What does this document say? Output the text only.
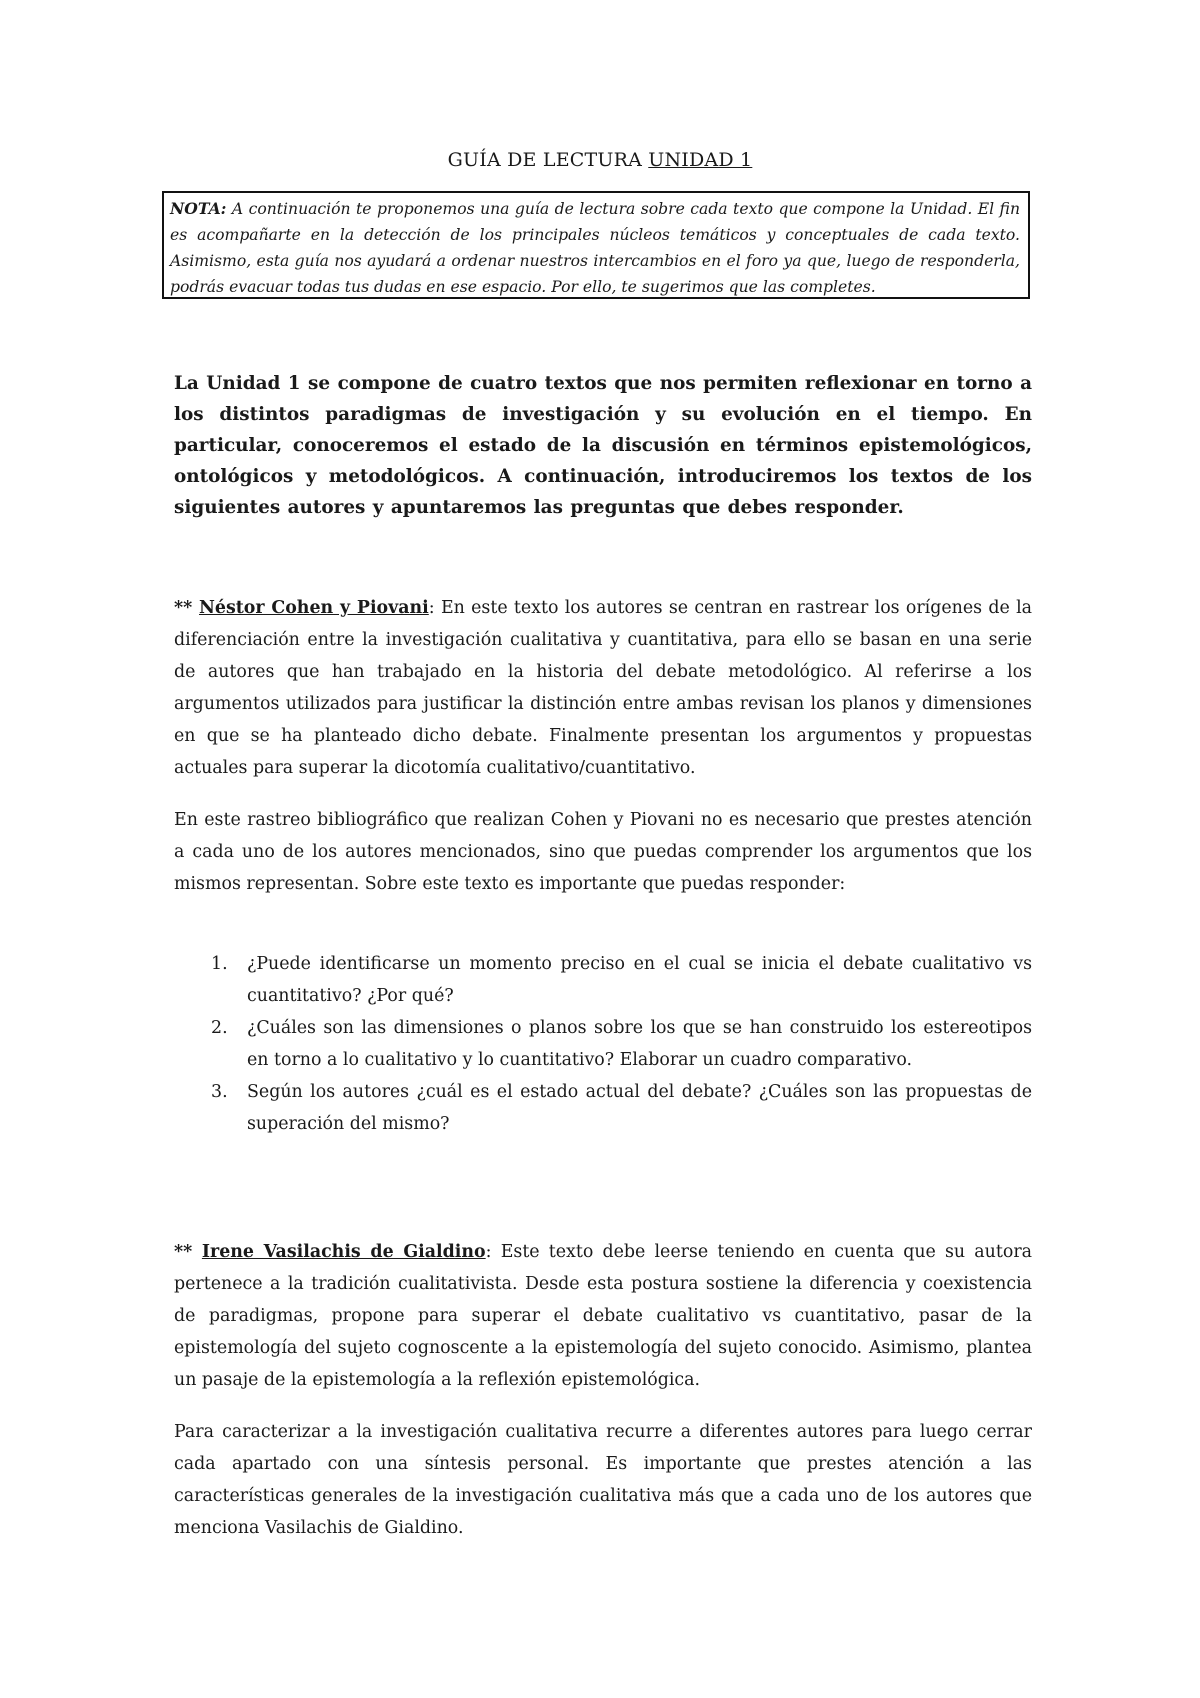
GUÍA DE LECTURA UNIDAD 1
NOTA: A continuación te proponemos una guía de lectura sobre cada texto que compone la Unidad. El fin es acompañarte en la detección de los principales núcleos temáticos y conceptuales de cada texto. Asimismo, esta guía nos ayudará a ordenar nuestros intercambios en el foro ya que, luego de responderla, podrás evacuar todas tus dudas en ese espacio. Por ello, te sugerimos que las completes.
La Unidad 1 se compone de cuatro textos que nos permiten reflexionar en torno a los distintos paradigmas de investigación y su evolución en el tiempo. En particular, conoceremos el estado de la discusión en términos epistemológicos, ontológicos y metodológicos. A continuación, introduciremos los textos de los siguientes autores y apuntaremos las preguntas que debes responder.

** Néstor Cohen y Piovani: En este texto los autores se centran en rastrear los orígenes de la diferenciación entre la investigación cualitativa y cuantitativa, para ello se basan en una serie de autores que han trabajado en la historia del debate metodológico. Al referirse a los argumentos utilizados para justificar la distinción entre ambas revisan los planos y dimensiones en que se ha planteado dicho debate. Finalmente presentan los argumentos y propuestas actuales para superar la dicotomía cualitativo/cuantitativo.

En este rastreo bibliográfico que realizan Cohen y Piovani no es necesario que prestes atención a cada uno de los autores mencionados, sino que puedas comprender los argumentos que los mismos representan. Sobre este texto es importante que puedas responder:

1. ¿Puede identificarse un momento preciso en el cual se inicia el debate cualitativo vs cuantitativo? ¿Por qué?
2. ¿Cuáles son las dimensiones o planos sobre los que se han construido los estereotipos en torno a lo cualitativo y lo cuantitativo? Elaborar un cuadro comparativo.
3. Según los autores ¿cuál es el estado actual del debate? ¿Cuáles son las propuestas de superación del mismo?

** Irene Vasilachis de Gialdino: Este texto debe leerse teniendo en cuenta que su autora pertenece a la tradición cualitativista. Desde esta postura sostiene la diferencia y coexistencia de paradigmas, propone para superar el debate cualitativo vs cuantitativo, pasar de la epistemología del sujeto cognoscente a la epistemología del sujeto conocido. Asimismo, plantea un pasaje de la epistemología a la reflexión epistemológica.

Para caracterizar a la investigación cualitativa recurre a diferentes autores para luego cerrar cada apartado con una síntesis personal. Es importante que prestes atención a las características generales de la investigación cualitativa más que a cada uno de los autores que menciona Vasilachis de Gialdino.
